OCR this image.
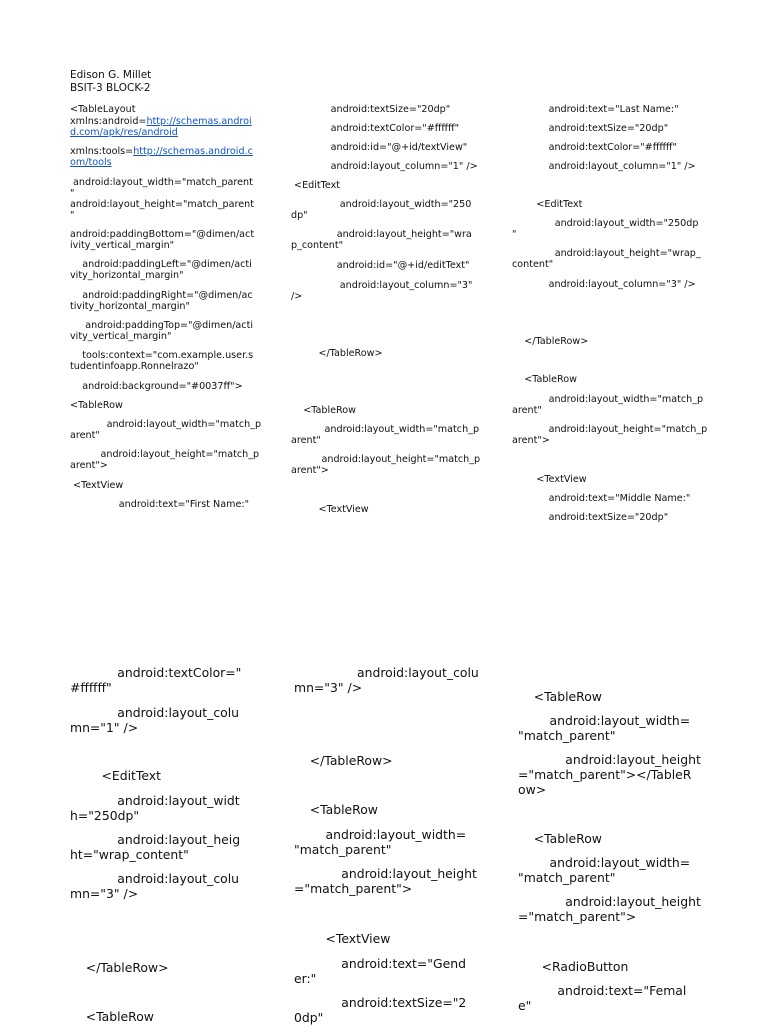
Edison G. Millet
BSIT-3 BLOCK-2

<TableLayout

xmlns:android=http://schemas.androi

d.com/apk/res/android

xmlns:tools=http://schemas.android.c

om/tools

android:layout_width="match_parent

"

android:layout_height="match_parent

"

android:paddingBottom="@dimen/act

ivity_vertical_margin"

android:paddingLeft="@dimen/acti

vity_horizontal_margin"

android:paddingRight="@dimen/ac

tivity_horizontal_margin"

android:paddingTop="@dimen/acti

vity_vertical_margin"

tools:context="com.example.user.s

tudentinfoapp.Ronnelrazo"

android:background="#0037ff">

<TableRow

android:layout_width="match_p

arent"

android:layout_height="match_p

arent">

<TextView

android:text="First Name:"

android:textSize="20dp"

android:textColor="#ffffff"

android:id="@+id/textView"

android:layout_column="1" />

<EditText

android:layout_width="250

dp"

android:layout_height="wra

p_content"

android:id="@+id/editText"

android:layout_column="3"

/>

</TableRow>

<TableRow

android:layout_width="match_p

arent"

android:layout_height="match_p

arent">

<TextView

android:text="Last Name:"

android:textSize="20dp"

android:textColor="#ffffff"

android:layout_column="1" />

<EditText

android:layout_width="250dp

"

android:layout_height="wrap_

content"

android:layout_column="3" />

</TableRow>

<TableRow

android:layout_width="match_p

arent"

android:layout_height="match_p

arent">

<TextView

android:text="Middle Name:"

android:textSize="20dp"

android:textColor="

#ffffff"

android:layout_colu

mn="1" />

<EditText

android:layout_widt

h="250dp"

android:layout_heig

ht="wrap_content"

android:layout_colu

mn="3" />

</TableRow>

<TableRow

android:layout_colu

mn="3" />

</TableRow>

<TableRow

android:layout_width=

"match_parent"

android:layout_height

="match_parent">

<TextView

android:text="Gend

er:"

android:textSize="2

0dp"

<TableRow

android:layout_width=

"match_parent"

android:layout_height

="match_parent"></TableR

ow>

<TableRow

android:layout_width=

"match_parent"

android:layout_height

="match_parent">

<RadioButton

android:text="Femal

e"
